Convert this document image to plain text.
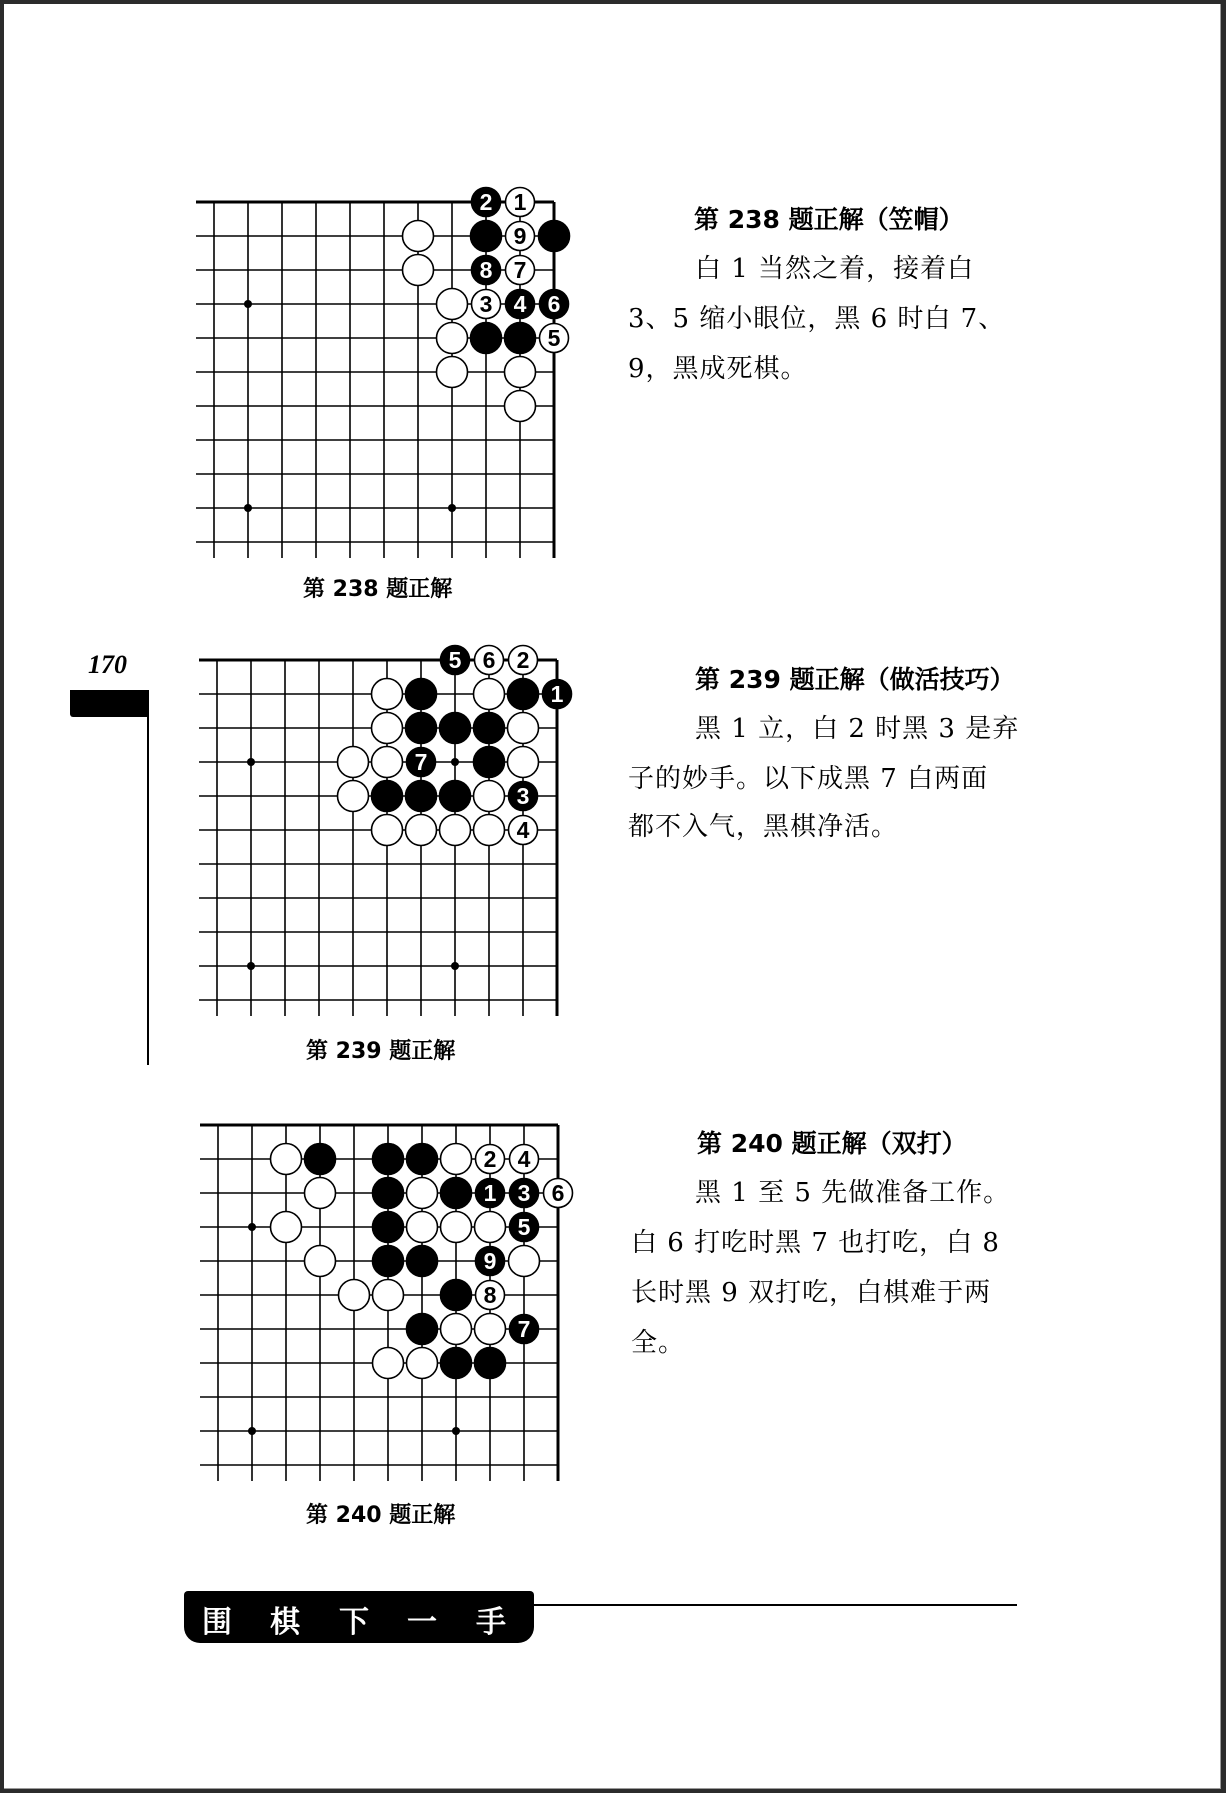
2 1
9
8 7
3 4 6
5
第 238 题正解
第 238 题正解（笠帽）
白 1 当然之着，接着白
3、5 缩小眼位，黑 6 时白 7、
9，黑成死棋。
170	5 6 2
1
7
3
4
第 239 题正解
第 239 题正解（做活技巧）
黑 1 立，白 2 时黑 3 是弃
子的妙手。以下成黑 7 白两面
都不入气，黑棋净活。
2 4
1 3 6
5
9
8
7
第 240 题正解
第 240 题正解（双打）
黑 1 至 5 先做准备工作。
白 6 打吃时黑 7 也打吃，白 8
长时黑 9 双打吃，白棋难于两
全。
围 棋 下 一 手
